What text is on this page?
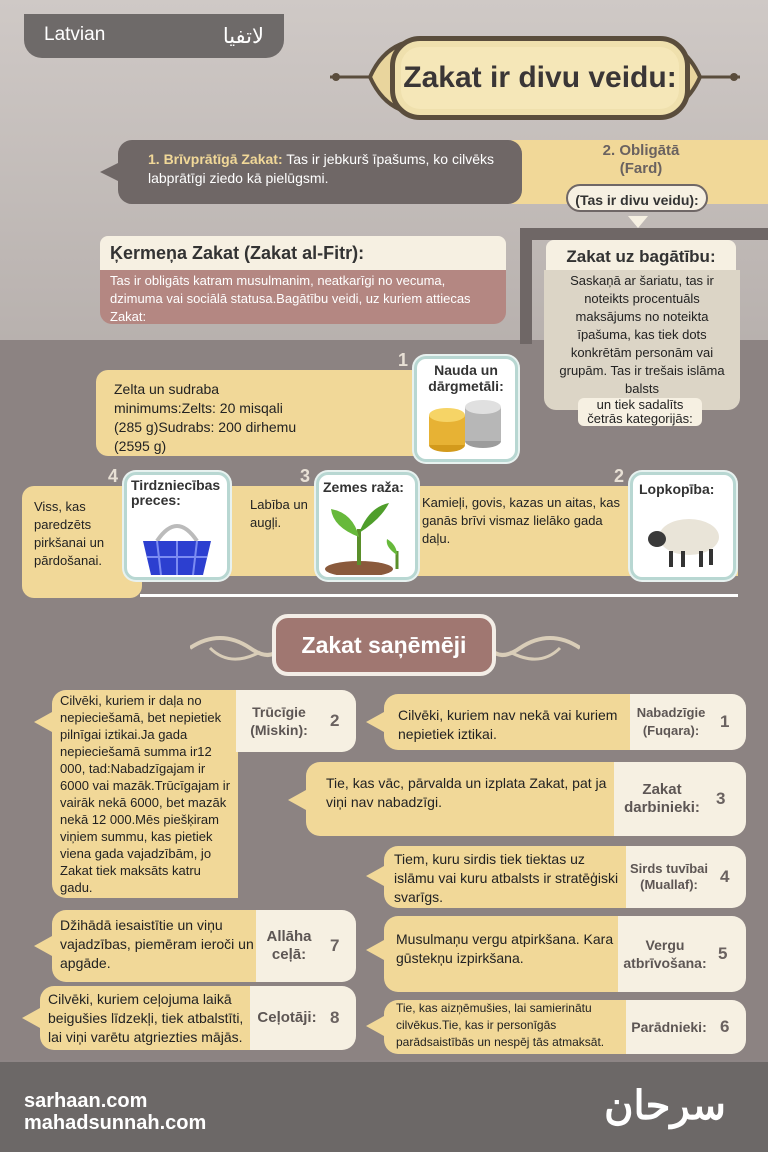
Latvian	لاتفيا
Zakat ir divu veidu:
1. Brīvprātīgā Zakat: Tas ir jebkurš īpašums, ko cilvēks labprātīgi ziedo kā pielūgsmi.
2. Obligātā (Fard)
(Tas ir divu veidu):
Ķermeņa Zakat (Zakat al-Fitr):
Tas ir obligāts katram musulmanim, neatkarīgi no vecuma, dzimuma vai sociālā statusa.Bagātību veidi, uz kuriem attiecas Zakat:
Zakat uz bagātību:
Saskaņā ar šariatu, tas ir noteikts procentuāls maksājums no noteikta īpašuma, kas tiek dots konkrētām personām vai grupām. Tas ir trešais islāma balsts
un tiek sadalīts četrās kategorijās:
1
Zelta un sudraba minimums:Zelts: 20 misqali (285 g)Sudrabs: 200 dirhemu (2595 g)
Nauda un dārgmetāli:
4
Viss, kas paredzēts pirkšanai un pārdošanai.
Tirdzniecības preces:
3
Labība un augļi.
Zemes raža:
2
Kamieļi, govis, kazas un aitas, kas ganās brīvi vismaz lielāko gada daļu.
Lopkopība:
Zakat saņēmēji
Cilvēki, kuriem nav nekā vai kuriem nepietiek iztikai.
Nabadzīgie (Fuqara):	1
Tie, kas vāc, pārvalda un izplata Zakat, pat ja viņi nav nabadzīgi.
Zakat darbinieki: 3
Tiem, kuru sirdis tiek tiektas uz islāmu vai kuru atbalsts ir stratēģiski svarīgs.
Sirds tuvībai (Muallaf):	4
Musulmaņu vergu atpirkšana. Kara gūstekņu izpirkšana.
Vergu atbrīvošana: 5
Tie, kas aizņēmušies, lai samierinātu cilvēkus.Tie, kas ir personīgās parādsaistībās un nespēj tās atmaksāt.
Parādnieki: 6
Cilvēki, kuriem ir daļa no nepieciešamā, bet nepietiek pilnīgai iztikai.Ja gada nepieciešamā summa ir12 000, tad:Nabadzīgajam ir 6000 vai mazāk.Trūcīgajam ir vairāk nekā 6000, bet mazāk nekā 12 000.Mēs piešķiram viņiem summu, kas pietiek viena gada vajadzībām, jo Zakat tiek maksāts katru gadu.
Trūcīgie (Miskin):	2
Džihādā iesaistītie un viņu vajadzības, piemēram ieroči un apgāde.
Allāha ceļā:	7
Cilvēki, kuriem ceļojuma laikā beigušies līdzekļi, tiek atbalstīti, lai viņi varētu atgriezties mājās.
Ceļotāji: 8
sarhaan.com
mahadsunnah.com	سرحان
